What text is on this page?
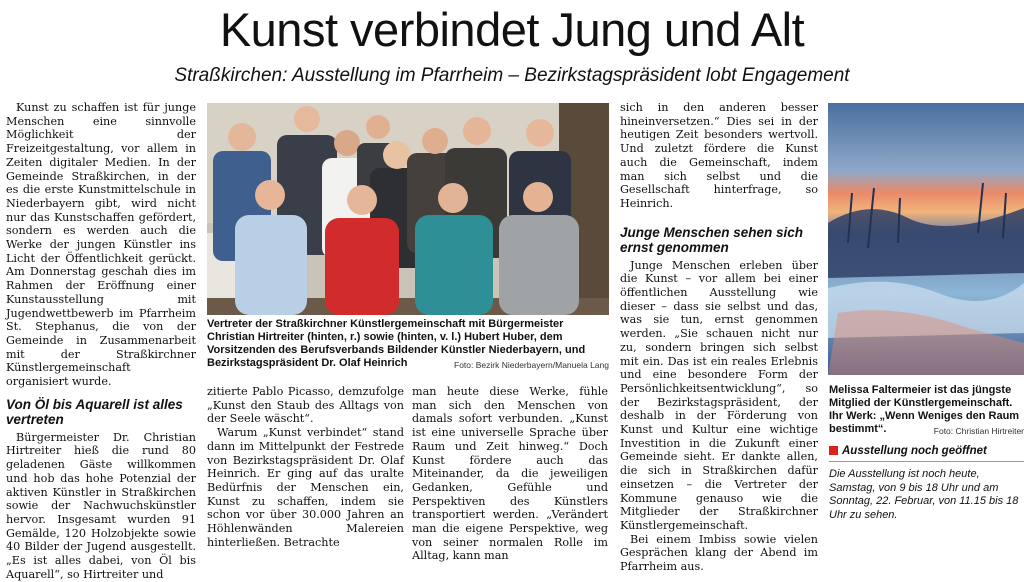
Kunst verbindet Jung und Alt
Straßkirchen: Ausstellung im Pfarrheim – Bezirkstagspräsident lobt Engagement

Kunst zu schaffen ist für junge Menschen eine sinnvolle Möglichkeit der Freizeitgestaltung, vor allem in Zeiten digitaler Medien. In der Gemeinde Straßkirchen, in der es die erste Kunstmittelschule in Niederbayern gibt, wird nicht nur das Kunstschaffen gefördert, sondern es werden auch die Werke der jungen Künstler ins Licht der Öffentlichkeit gerückt. Am Donnerstag geschah dies im Rahmen der Eröffnung einer Kunstausstellung mit Jugendwettbewerb im Pfarrheim St. Stephanus, die von der Gemeinde in Zusammenarbeit mit der Straßkirchner Künstlergemeinschaft organisiert wurde.

Von Öl bis Aquarell ist alles vertreten

Bürgermeister Dr. Christian Hirtreiter hieß die rund 80 geladenen Gäste willkommen und hob das hohe Potenzial der aktiven Künstler in Straßkirchen sowie der Nachwuchskünstler hervor. Insgesamt wurden 91 Gemälde, 120 Holzobjekte sowie 40 Bilder der Jugend ausgestellt. „Es ist alles dabei, von Öl bis Aquarell“, so Hirtreiter und

Vertreter der Straßkirchner Künstlergemeinschaft mit Bürgermeister Christian Hirtreiter (hinten, r.) sowie (hinten, v. l.) Hubert Huber, dem Vorsitzenden des Berufsverbands Bildender Künstler Niederbayern, und Bezirkstagspräsident Dr. Olaf Heinrich	Foto: Bezirk Niederbayern/Manuela Lang

zitierte Pablo Picasso, demzufolge „Kunst den Staub des Alltags von der Seele wäscht“.

Warum „Kunst verbindet“ stand dann im Mittelpunkt der Festrede von Bezirkstagspräsident Dr. Olaf Heinrich. Er ging auf das uralte Bedürfnis der Menschen ein, Kunst zu schaffen, indem sie schon vor über 30.000 Jahren an Höhlenwänden Malereien hinterließen. Betrachte

man heute diese Werke, fühle man sich den Menschen von damals sofort verbunden. „Kunst ist eine universelle Sprache über Raum und Zeit hinweg.“ Doch Kunst fördere auch das Miteinander, da die jeweiligen Gedanken, Gefühle und Perspektiven des Künstlers transportiert werden. „Verändert man die eigene Perspektive, weg von seiner normalen Rolle im Alltag, kann man

sich in den anderen besser hineinversetzen.“ Dies sei in der heutigen Zeit besonders wertvoll. Und zuletzt fördere die Kunst auch die Gemeinschaft, indem man sich selbst und die Gesellschaft hinterfrage, so Heinrich.

Junge Menschen sehen sich ernst genommen

Junge Menschen erleben über die Kunst – vor allem bei einer öffentlichen Ausstellung wie dieser – dass sie selbst und das, was sie tun, ernst genommen werden. „Sie schauen nicht nur zu, sondern bringen sich selbst mit ein. Das ist ein reales Erlebnis und eine besondere Form der Persönlichkeitsentwicklung“, so der Bezirkstagspräsident, der deshalb in der Förderung von Kunst und Kultur eine wichtige Investition in die Zukunft einer Gemeinde sieht. Er dankte allen, die sich in Straßkirchen dafür einsetzen – die Vertreter der Kommune genauso wie die Mitglieder der Straßkirchner Künstlergemeinschaft.

Bei einem Imbiss sowie vielen Gesprächen klang der Abend im Pfarrheim aus.

Melissa Faltermeier ist das jüngste Mitglied der Künstlergemeinschaft. Ihr Werk: „Wenn Weniges den Raum bestimmt“.	Foto: Christian Hirtreiter
Ausstellung noch geöffnet
Die Ausstellung ist noch heute, Samstag, von 9 bis 18 Uhr und am Sonntag, 22. Februar, von 11.15 bis 18 Uhr zu sehen.
